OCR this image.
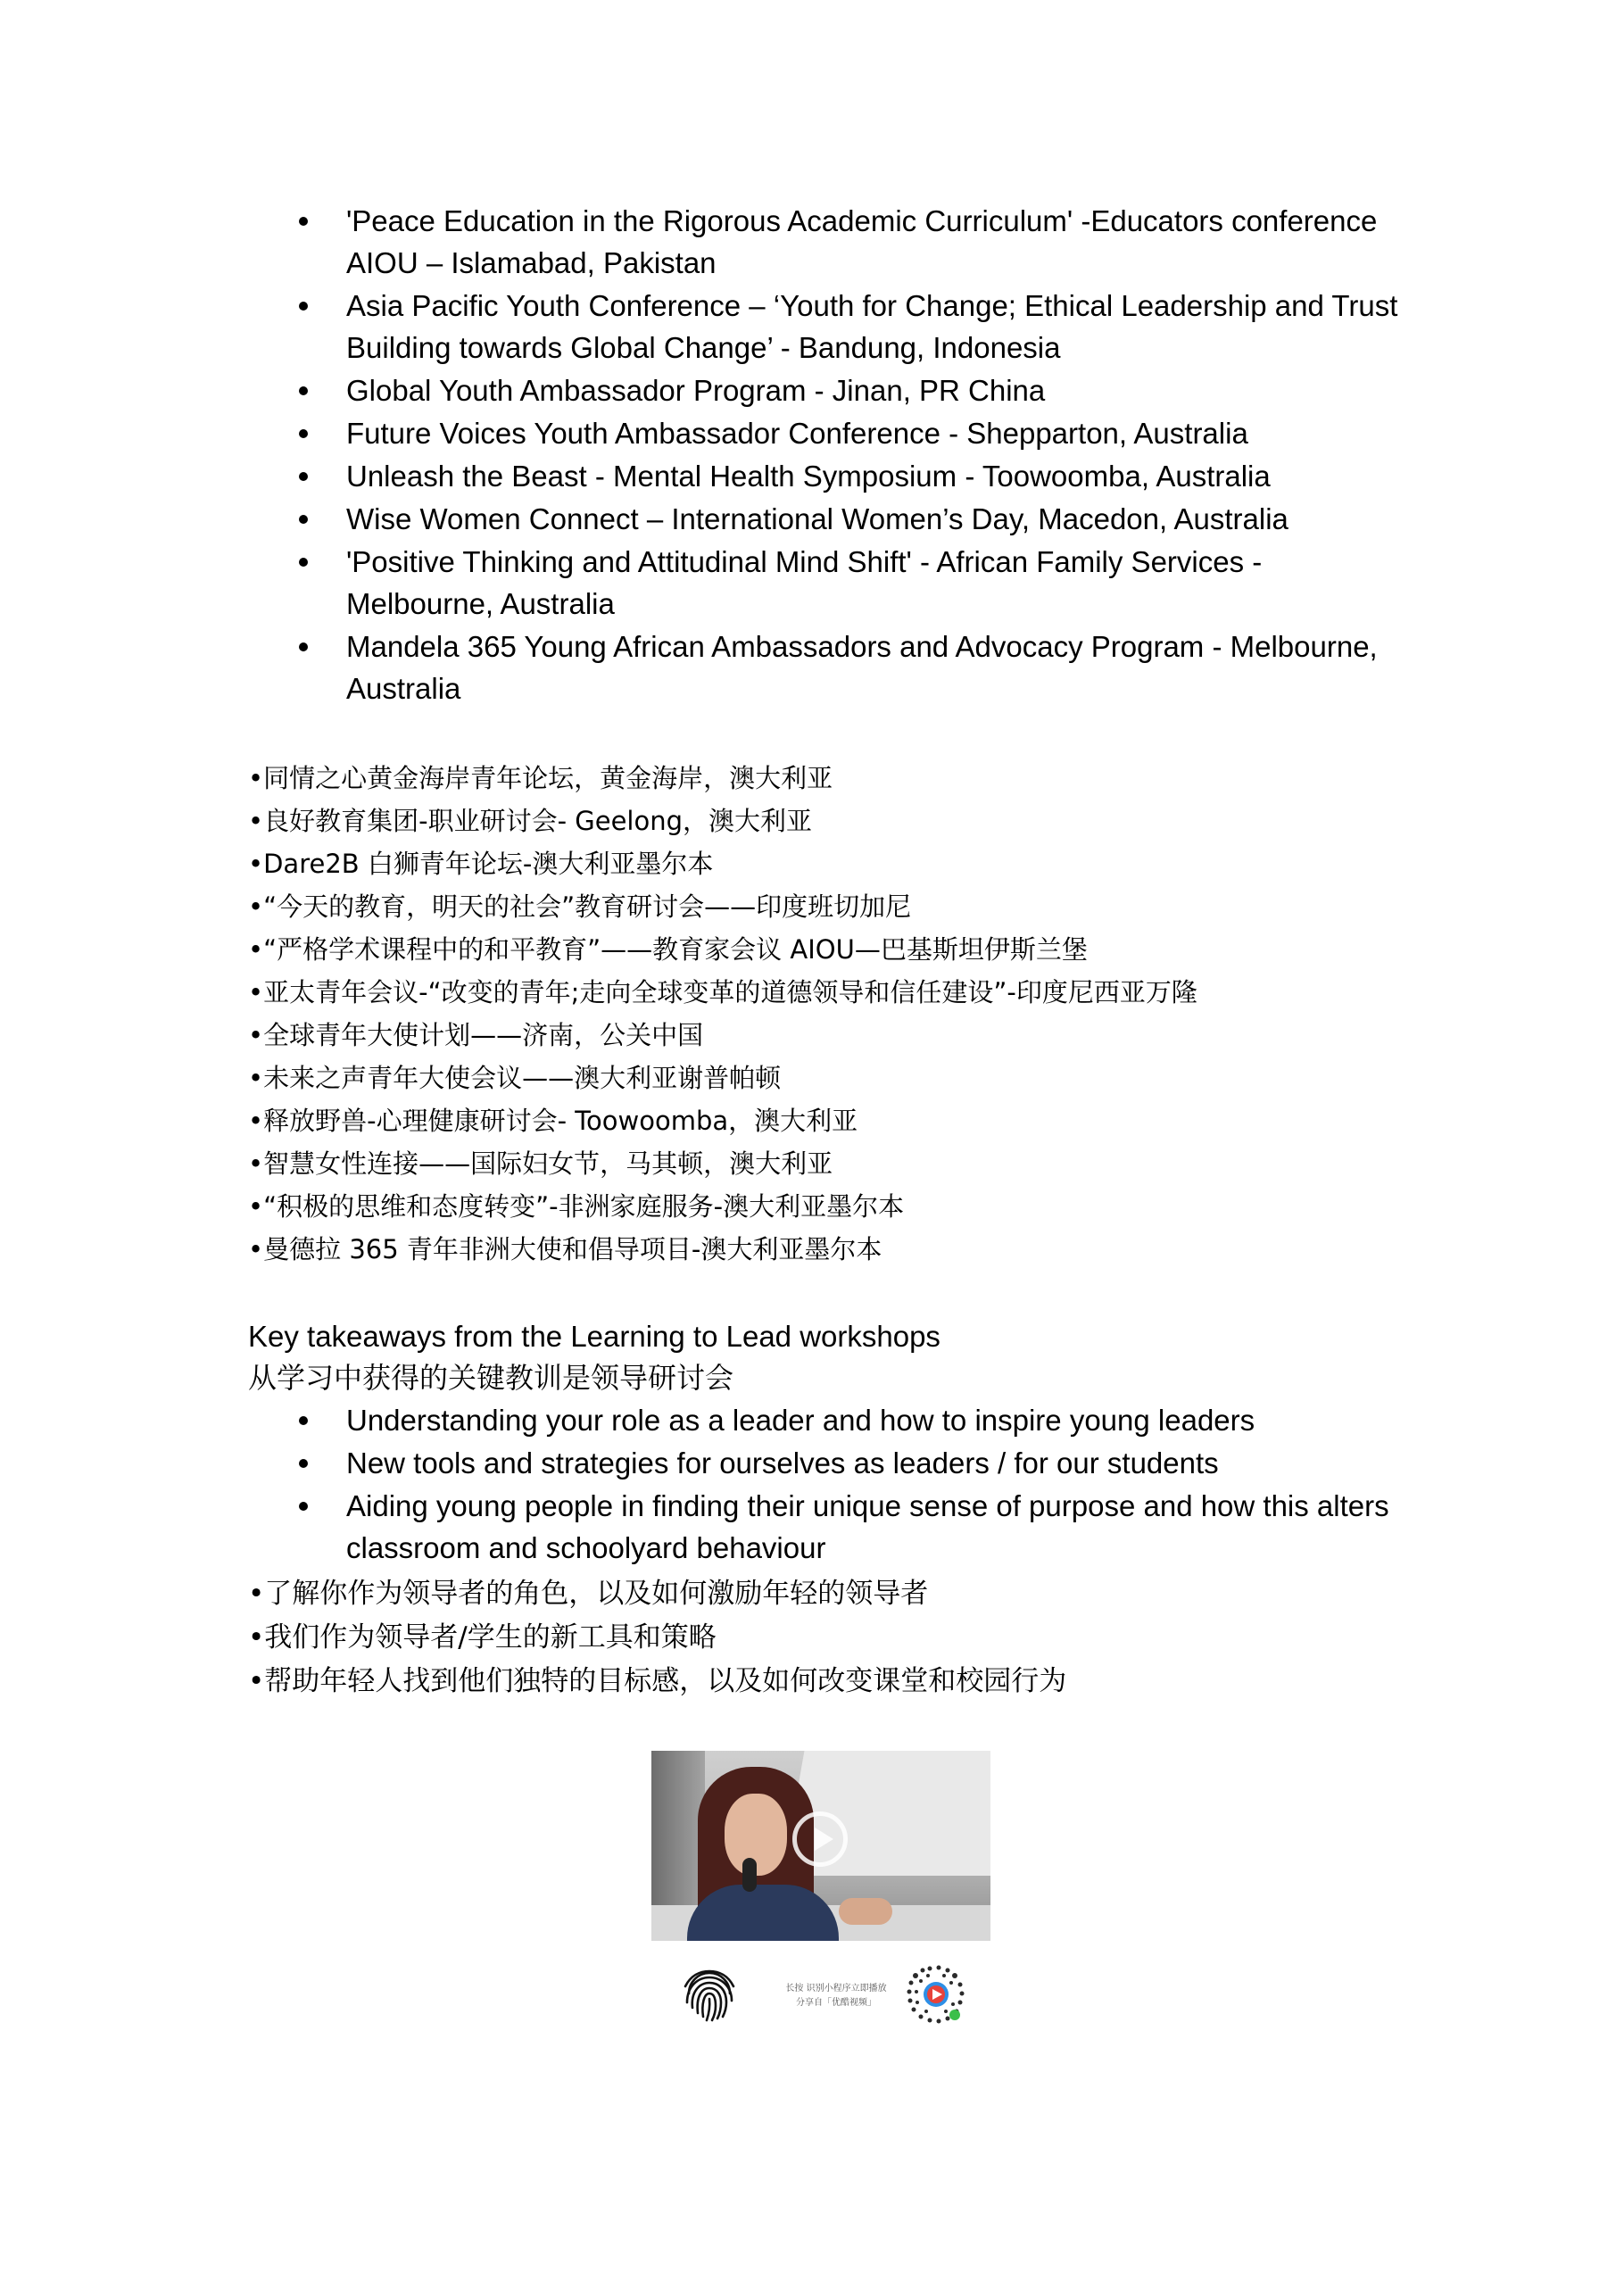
'Peace Education in the Rigorous Academic Curriculum' -Educators conference AIOU – Islamabad, Pakistan
Asia Pacific Youth Conference – ‘Youth for Change; Ethical Leadership and Trust Building towards Global Change’ - Bandung, Indonesia
Global Youth Ambassador Program - Jinan, PR China
Future Voices Youth Ambassador Conference - Shepparton, Australia
Unleash the Beast - Mental Health Symposium - Toowoomba, Australia
Wise Women Connect – International Women’s Day, Macedon, Australia
'Positive Thinking and Attitudinal Mind Shift' - African Family Services - Melbourne, Australia
Mandela 365 Young African Ambassadors and Advocacy Program - Melbourne, Australia
•同情之心黄金海岸青年论坛，黄金海岸，澳大利亚
•良好教育集团-职业研讨会- Geelong，澳大利亚
•Dare2B 白狮青年论坛-澳大利亚墨尔本
•“今天的教育，明天的社会”教育研讨会——印度班切加尼
•“严格学术课程中的和平教育”——教育家会议 AIOU—巴基斯坦伊斯兰堡
•亚太青年会议-“改变的青年;走向全球变革的道德领导和信任建设”-印度尼西亚万隆
•全球青年大使计划——济南，公关中国
•未来之声青年大使会议——澳大利亚谢普帕顿
•释放野兽-心理健康研讨会- Toowoomba，澳大利亚
•智慧女性连接——国际妇女节，马其顿，澳大利亚
•“积极的思维和态度转变”-非洲家庭服务-澳大利亚墨尔本
•曼德拉 365 青年非洲大使和倡导项目-澳大利亚墨尔本

Key takeaways from the Learning to Lead workshops

从学习中获得的关键教训是领导研讨会

Understanding your role as a leader and how to inspire young leaders
New tools and strategies for ourselves as leaders / for our students
Aiding young people in finding their unique sense of purpose and how this alters classroom and schoolyard behaviour
•了解你作为领导者的角色，以及如何激励年轻的领导者
•我们作为领导者/学生的新工具和策略
•帮助年轻人找到他们独特的目标感，以及如何改变课堂和校园行为
长按 识别小程序立即播放
分享自「优酷视频」
